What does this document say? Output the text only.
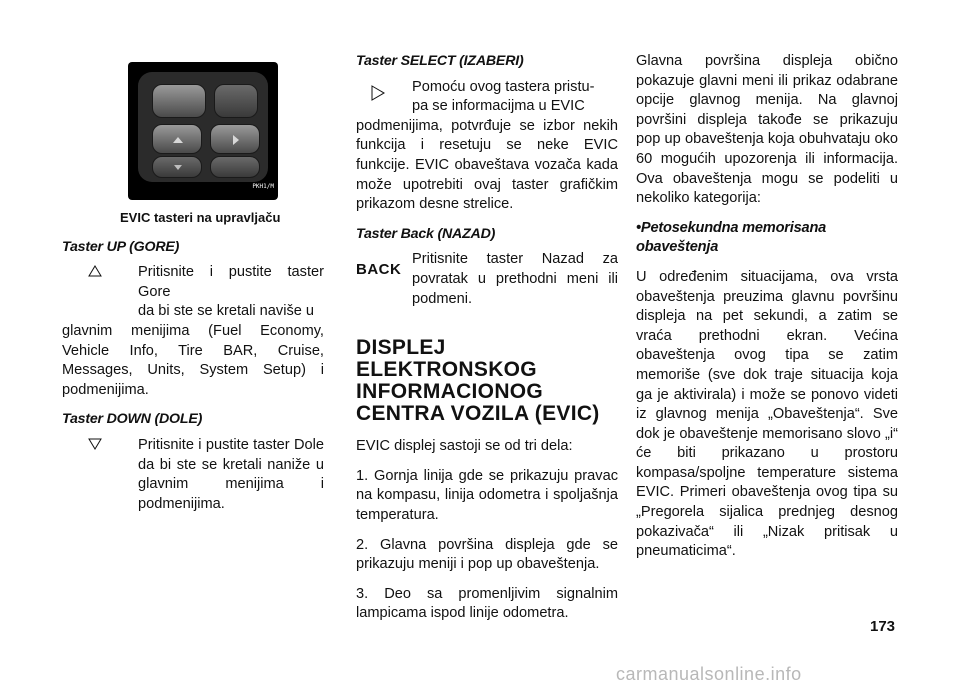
PKH1/M
EVIC tasteri na upravljaču
Taster UP (GORE)

Pritisnite i pustite taster Gore

da bi ste se kretali naviše u

glavnim menijima (Fuel Economy, Vehicle Info, Tire BAR, Cruise, Messages, Units, System Setup) i podmenijima.

Taster DOWN (DOLE)

Pritisnite i pustite taster Dole da bi ste se kretali naniže u glavnim menijima i podmenijima.

Taster SELECT (IZABERI)

Pomoću ovog tastera pristu-

pa se informacijma u EVIC

podmenijima, potvrđuje se izbor nekih funkcija i resetuju se neke EVIC funkcije. EVIC obaveštava vozača kada može upotrebiti ovaj taster grafičkim prikazom desne strelice.

Taster Back (NAZAD)
BACK

Pritisnite taster Nazad za povratak u prethodni meni ili podmeni.

DISPLEJ ELEKTRONSKOG
INFORMACIONOG
CENTRA VOZILA (EVIC)

EVIC displej sastoji se od tri dela:

1. Gornja linija gde se prikazuju pravac na kompasu, linija odometra i spoljašnja temperatura.

2. Glavna površina displeja gde se prikazuju meniji i pop up obaveštenja.

3. Deo sa promenljivim signalnim lampicama ispod linije odometra.

Glavna površina displeja obično pokazuje glavni meni ili prikaz odabrane opcije glavnog menija. Na glavnoj površini displeja takođe se prikazuju pop up obaveštenja koja obuhvataju oko 60 mogućih upozorenja ili informacija. Ova obaveštenja mogu se podeliti u nekoliko kategorija:

•Petosekundna memorisana obaveštenja

U određenim situacijama, ova vrsta obaveštenja preuzima glavnu površinu displeja na pet sekundi, a zatim se vraća prethodni ekran. Većina obaveštenja ovog tipa se zatim memoriše (sve dok traje situacija koja ga je aktivirala) i može se ponovo videti iz glavnog menija „Obaveštenja“. Sve dok je obaveštenje memorisano slovo „i“ će biti prikazano u prostoru kompasa/spoljne temperature sistema EVIC. Primeri obaveštenja ovog tipa su „Pregorela sijalica prednjeg desnog pokazivača“ ili „Nizak pritisak u pneumaticima“.

173
carmanualsonline.info
